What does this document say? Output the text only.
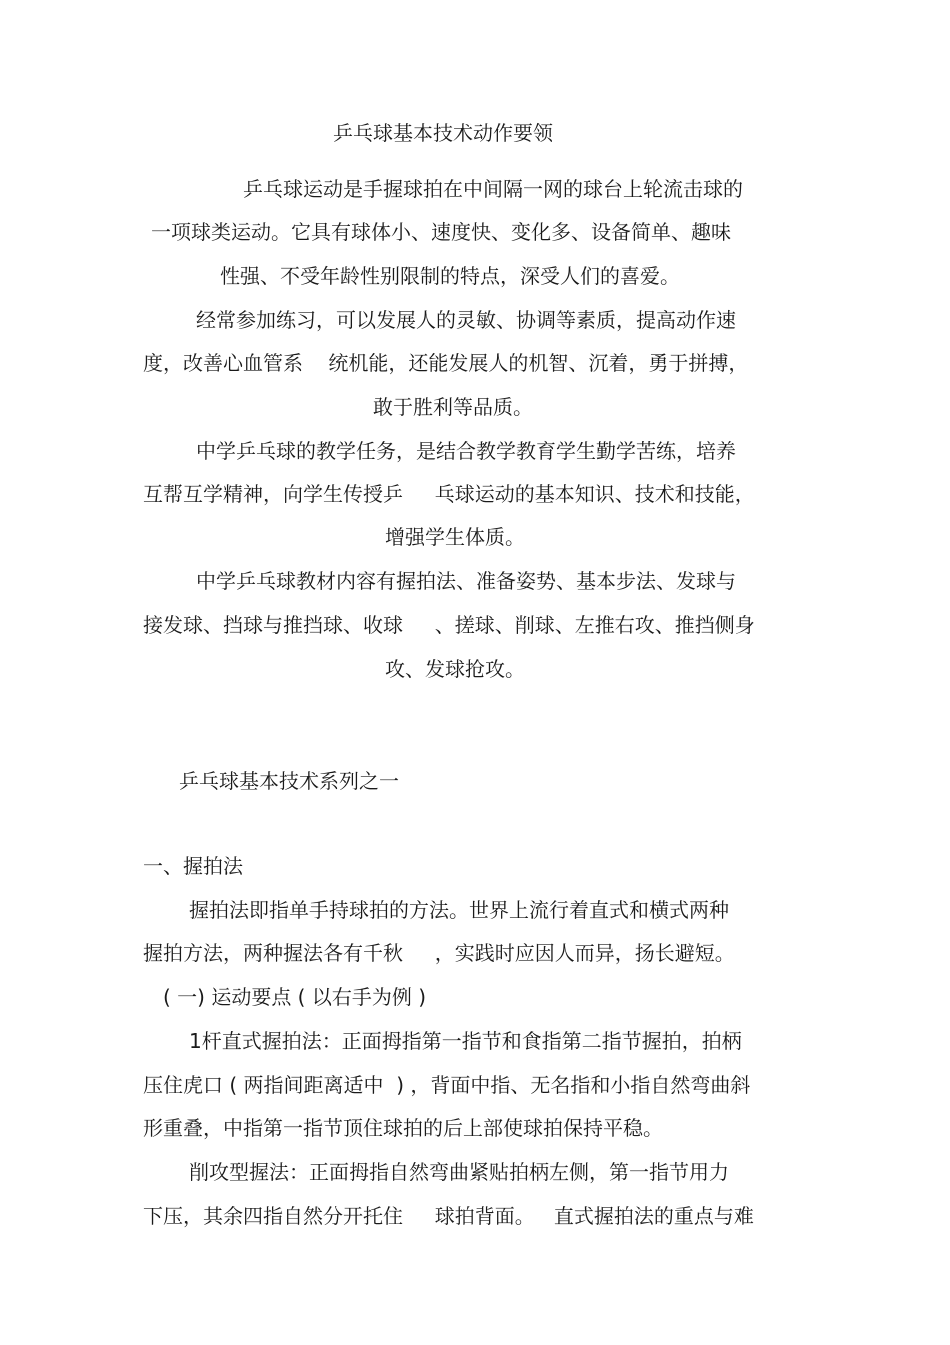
乒乓球基本技术动作要领

乒乓球运动是手握球拍在中间隔一网的球台上轮流击球的

一项球类运动。它具有球体小、速度快、变化多、设备简单、趣味

性强、不受年龄性别限制的特点，深受人们的喜爱。

经常参加练习，可以发展人的灵敏、协调等素质，提高动作速

度，改善心血管系    统机能，还能发展人的机智、沉着，勇于拼搏，

敢于胜利等品质。

中学乒乓球的教学任务，是结合教学教育学生勤学苦练，培养

互帮互学精神，向学生传授乒     乓球运动的基本知识、技术和技能，

增强学生体质。

中学乒乓球教材内容有握拍法、准备姿势、基本步法、发球与

接发球、挡球与推挡球、收球     、搓球、削球、左推右攻、推挡侧身

攻、发球抢攻。

乒乓球基本技术系列之一

一、握拍法

握拍法即指单手持球拍的方法。世界上流行着直式和横式两种

握拍方法，两种握法各有千秋     ，实践时应因人而异，扬长避短。

( 一) 运动要点 ( 以右手为例 )

1杆直式握拍法：正面拇指第一指节和食指第二指节握拍，拍柄

压住虎口 ( 两指间距离适中  ) ，背面中指、无名指和小指自然弯曲斜

形重叠，中指第一指节顶住球拍的后上部使球拍保持平稳。

削攻型握法：正面拇指自然弯曲紧贴拍柄左侧，第一指节用力

下压，其余四指自然分开托住     球拍背面。   直式握拍法的重点与难
